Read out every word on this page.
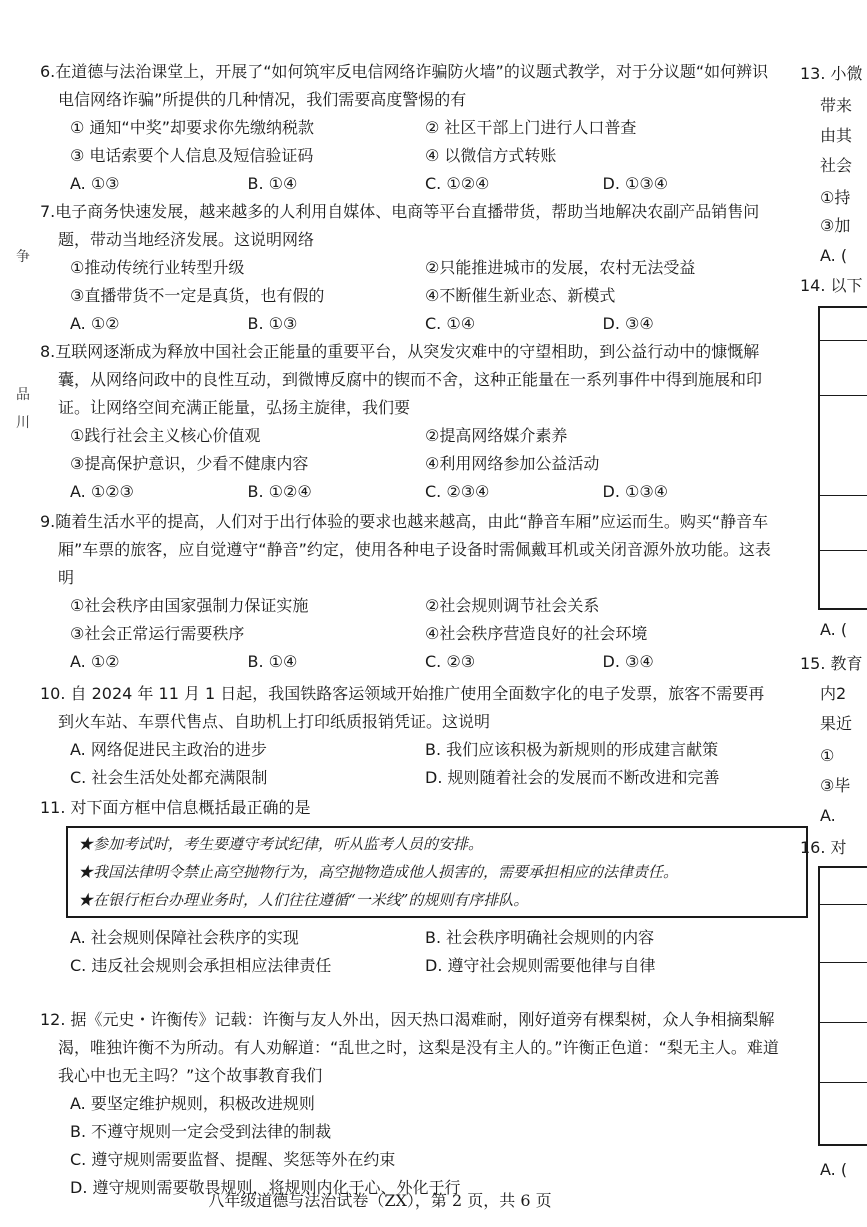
争
品
川

6.在道德与法治课堂上，开展了“如何筑牢反电信网络诈骗防火墙”的议题式教学，对于分议题“如何辨识电信网络诈骗”所提供的几种情况，我们需要高度警惕的有

① 通知“中奖”却要求你先缴纳税款	② 社区干部上门进行人口普查
③ 电话索要个人信息及短信验证码	④ 以微信方式转账
A. ①③	B. ①④	C. ①②④	D. ①③④

7.电子商务快速发展，越来越多的人利用自媒体、电商等平台直播带货，帮助当地解决农副产品销售问题，带动当地经济发展。这说明网络

①推动传统行业转型升级	②只能推进城市的发展，农村无法受益
③直播带货不一定是真货，也有假的	④不断催生新业态、新模式
A. ①②	B. ①③	C. ①④	D. ③④

8.互联网逐渐成为释放中国社会正能量的重要平台，从突发灾难中的守望相助，到公益行动中的慷慨解囊，从网络问政中的良性互动，到微博反腐中的锲而不舍，这种正能量在一系列事件中得到施展和印证。让网络空间充满正能量，弘扬主旋律，我们要

①践行社会主义核心价值观	②提高网络媒介素养
③提高保护意识，少看不健康内容	④利用网络参加公益活动
A. ①②③	B. ①②④	C. ②③④	D. ①③④

9.随着生活水平的提高，人们对于出行体验的要求也越来越高，由此“静音车厢”应运而生。购买“静音车厢”车票的旅客，应自觉遵守“静音”约定，使用各种电子设备时需佩戴耳机或关闭音源外放功能。这表明

①社会秩序由国家强制力保证实施	②社会规则调节社会关系
③社会正常运行需要秩序	④社会秩序营造良好的社会环境
A. ①②	B. ①④	C. ②③	D. ③④

10. 自 2024 年 11 月 1 日起，我国铁路客运领域开始推广使用全面数字化的电子发票，旅客不需要再到火车站、车票代售点、自助机上打印纸质报销凭证。这说明

A. 网络促进民主政治的进步	B. 我们应该积极为新规则的形成建言献策
C. 社会生活处处都充满限制	D. 规则随着社会的发展而不断改进和完善

11. 对下面方框中信息概括最正确的是

★参加考试时，考生要遵守考试纪律，听从监考人员的安排。
★我国法律明令禁止高空抛物行为，高空抛物造成他人损害的，需要承担相应的法律责任。
★在银行柜台办理业务时，人们往往遵循“一米线”的规则有序排队。
A. 社会规则保障社会秩序的实现	B. 社会秩序明确社会规则的内容
C. 违反社会规则会承担相应法律责任	D. 遵守社会规则需要他律与自律

12. 据《元史・许衡传》记载：许衡与友人外出，因天热口渴难耐，刚好道旁有棵梨树，众人争相摘梨解渴，唯独许衡不为所动。有人劝解道：“乱世之时，这梨是没有主人的。”许衡正色道：“梨无主人。难道我心中也无主吗？”这个故事教育我们

A. 要坚定维护规则，积极改进规则
B. 不遵守规则一定会受到法律的制裁
C. 遵守规则需要监督、提醒、奖惩等外在约束
D. 遵守规则需要敬畏规则，将规则内化于心、外化于行
八年级道德与法治试卷（ZX），第 2 页，共 6 页
13. 小微
带来
由其
社会
①持
③加
A. (
14. 以下
A. (
15. 教育
内2
果近
①
③毕
A.
16. 对
A. (
